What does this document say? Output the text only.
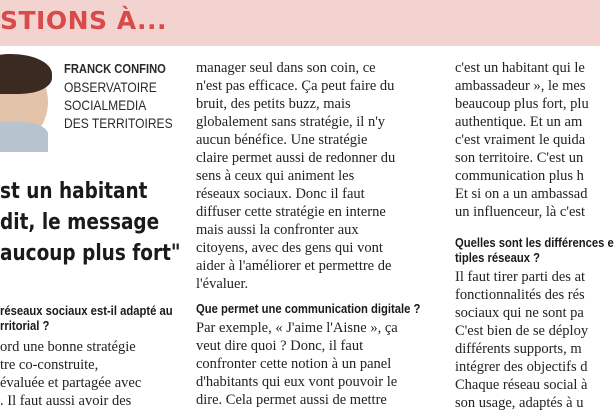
STIONS À...
FRANCK CONFINO
OBSERVATOIRE
SOCIALMEDIA
DES TERRITOIRES
st un habitant
dit, le message
aucoup plus fort"
réseaux sociaux est-il adapté au
rritorial ?
ord une bonne stratégie
tre co-construite,
évaluée et partagée avec
. Il faut aussi avoir des
manager seul dans son coin, ce
n'est pas efficace. Ça peut faire du
bruit, des petits buzz, mais
globalement sans stratégie, il n'y
aucun bénéfice. Une stratégie
claire permet aussi de redonner du
sens à ceux qui animent les
réseaux sociaux. Donc il faut
diffuser cette stratégie en interne
mais aussi la confronter aux
citoyens, avec des gens qui vont
aider à l'améliorer et permettre de
l'évaluer.
Que permet une communication digitale ?
Par exemple, « J'aime l'Aisne », ça
veut dire quoi ? Donc, il faut
confronter cette notion à un panel
d'habitants qui eux vont pouvoir le
dire. Cela permet aussi de mettre
c'est un habitant qui le
ambassadeur », le mes
beaucoup plus fort, plu
authentique. Et un am
c'est vraiment le quida
son territoire. C'est un
communication plus h
Et si on a un ambassad
un influenceur, là c'est
Quelles sont les différences e
tiples réseaux ?
Il faut tirer parti des at
fonctionnalités des rés
sociaux qui ne sont pa
C'est bien de se déploy
différents supports, m
intégrer des objectifs d
Chaque réseau social à
son usage, adaptés à u
